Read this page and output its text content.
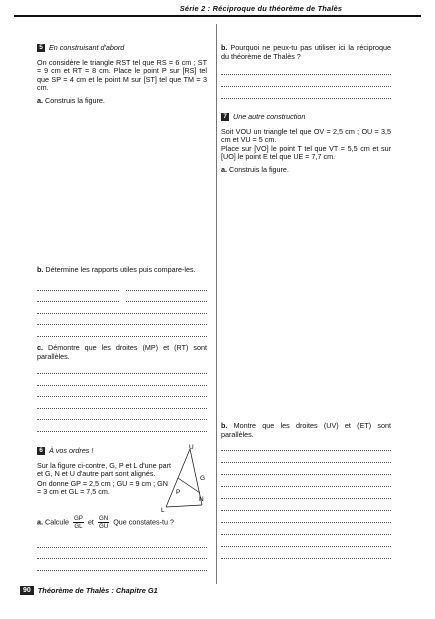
Série 2 : Réciproque du théorème de Thalès
5 En construisant d'abord

On considère le triangle RST tel que RS = 6 cm ; ST = 9 cm et RT = 8 cm. Place le point P sur [RS] tel que SP = 4 cm et le point M sur [ST] tel que TM = 3 cm.

a. Construis la figure.

b. Détermine les rapports utiles puis compare-les.

c. Démontre que les droites (MP) et (RT) sont parallèles.

6 À vos ordres !

Sur la figure ci-contre, G, P et L d'une part et G, N et U d'autre part sont alignés.

On donne GP = 2,5 cm ; GU = 9 cm ; GN = 3 cm et GL = 7,5 cm.

a. Calcule $\frac{GP}{GL}$ et $\frac{GN}{GU}$ Que constates-tu ?
U
G
P
N
L

b. Pourquoi ne peux-tu pas utiliser ici la réciproque du théorème de Thalès ?

7 Une autre construction

Soit VOU un triangle tel que OV = 2,5 cm ; OU = 3,5 cm et VU = 5 cm.

Place sur [VO] le point T tel que VT = 5,5 cm et sur [UO] le point E tel que UE = 7,7 cm.

a. Construis la figure.

b. Montre que les droites (UV) et (ET) sont parallèles.

90 Théorème de Thalès : Chapitre G1
